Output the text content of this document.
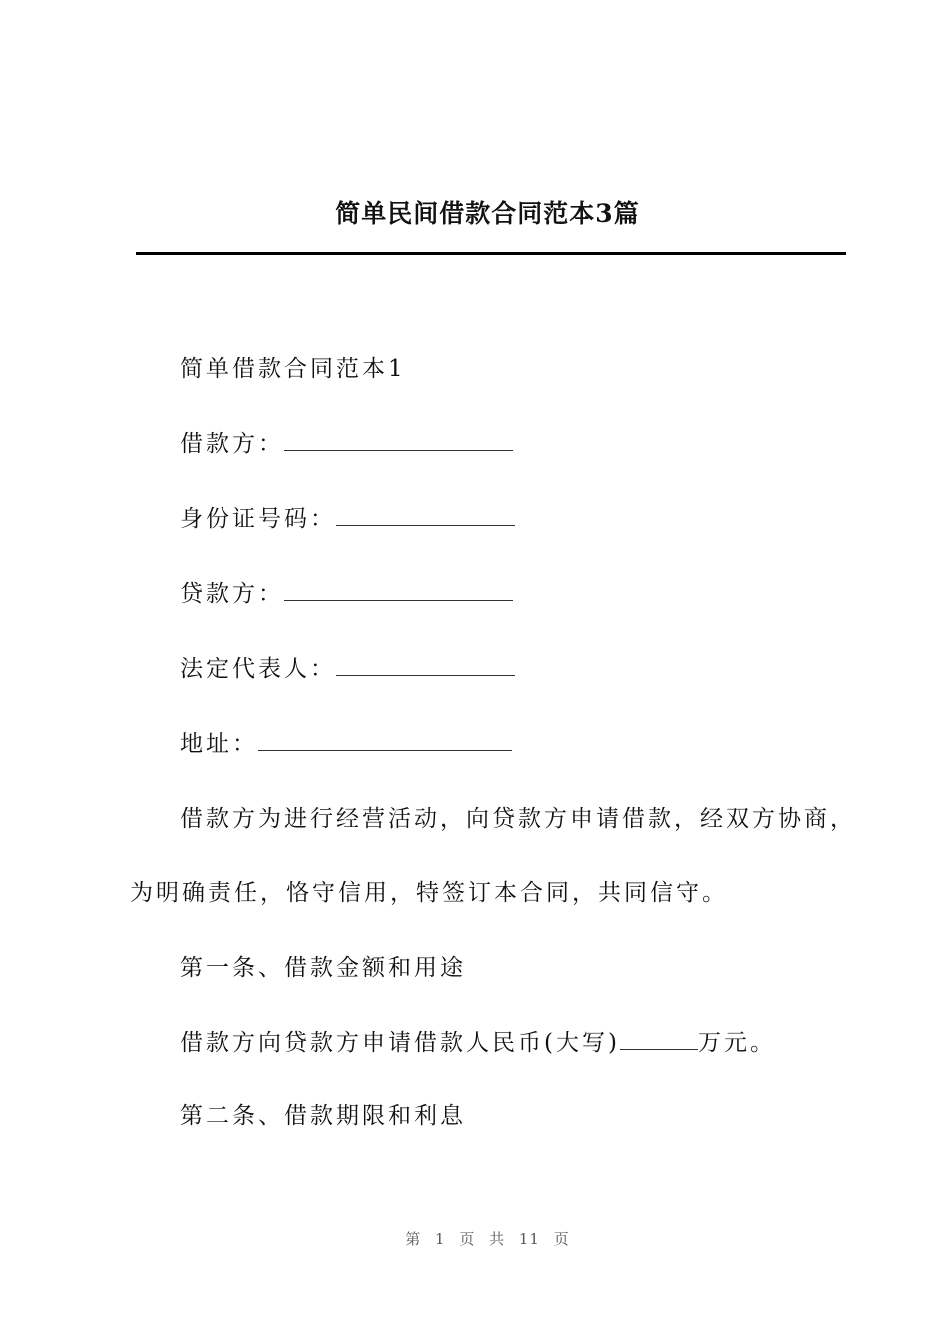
简单民间借款合同范本3篇
简单借款合同范本1
借款方：
身份证号码：
贷款方：
法定代表人：
地址：
借款方为进行经营活动，向贷款方申请借款，经双方协商，
为明确责任，恪守信用，特签订本合同，共同信守。
第一条、借款金额和用途
借款方向贷款方申请借款人民币(大写)	万元。
第二条、借款期限和利息
第 1 页 共 11 页
